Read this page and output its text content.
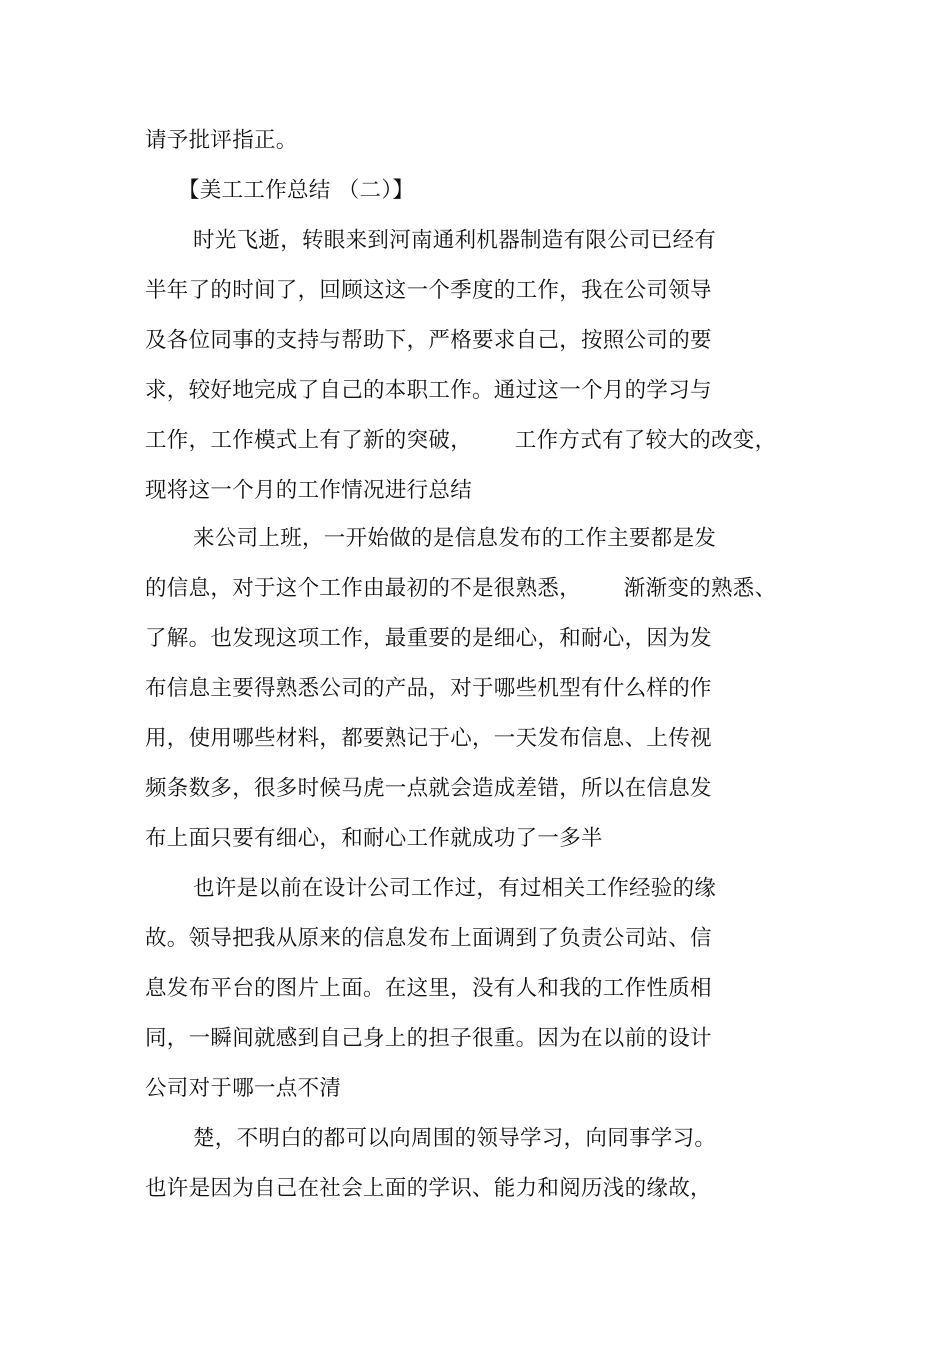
请予批评指正。
【美工工作总结 （二）】
时光飞逝，转眼来到河南通利机器制造有限公司已经有
半年了的时间了，回顾这这一个季度的工作，我在公司领导
及各位同事的支持与帮助下，严格要求自己，按照公司的要
求，较好地完成了自己的本职工作。通过这一个月的学习与
工作，工作模式上有了新的突破，      工作方式有了较大的改变，
现将这一个月的工作情况进行总结
来公司上班，一开始做的是信息发布的工作主要都是发
的信息，对于这个工作由最初的不是很熟悉，      渐渐变的熟悉、
了解。也发现这项工作，最重要的是细心，和耐心，因为发
布信息主要得熟悉公司的产品，对于哪些机型有什么样的作
用，使用哪些材料，都要熟记于心，一天发布信息、上传视
频条数多，很多时候马虎一点就会造成差错，所以在信息发
布上面只要有细心，和耐心工作就成功了一多半
也许是以前在设计公司工作过，有过相关工作经验的缘
故。领导把我从原来的信息发布上面调到了负责公司站、信
息发布平台的图片上面。在这里，没有人和我的工作性质相
同，一瞬间就感到自己身上的担子很重。因为在以前的设计
公司对于哪一点不清
楚，不明白的都可以向周围的领导学习，向同事学习。
也许是因为自己在社会上面的学识、能力和阅历浅的缘故，
